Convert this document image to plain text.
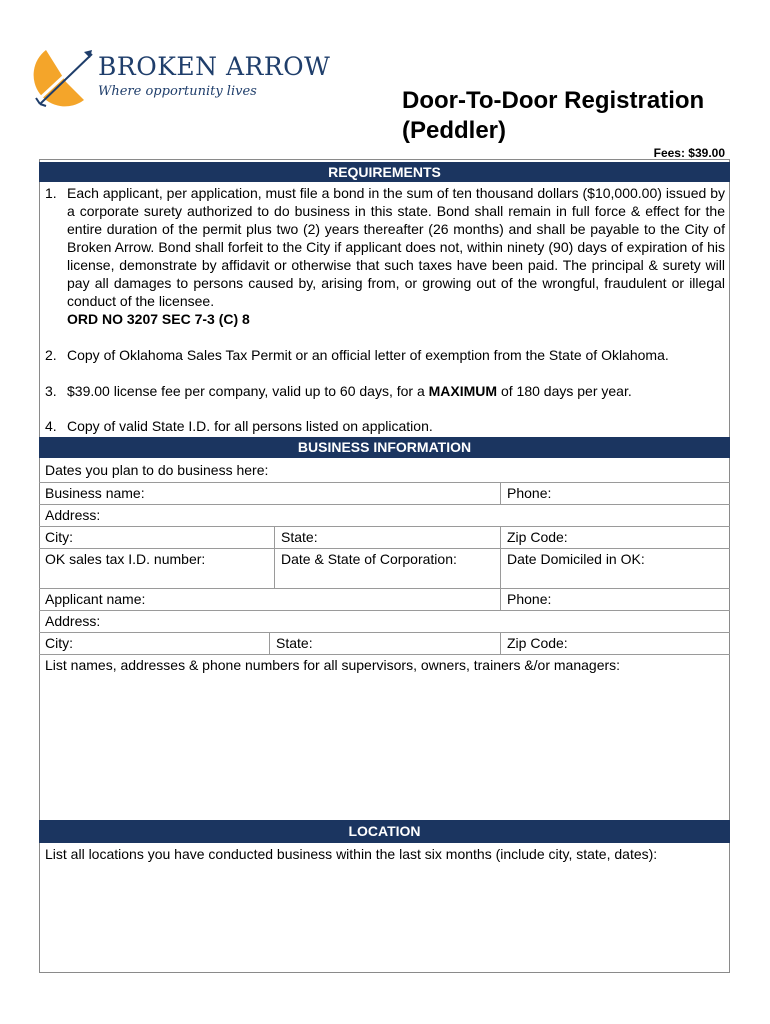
BROKEN ARROW
Where opportunity lives	Door-To-Door Registration
(Peddler)
Fees: $39.00
REQUIREMENTS
1. Each applicant, per application, must file a bond in the sum of ten thousand dollars ($10,000.00) issued by a corporate surety authorized to do business in this state. Bond shall remain in full force & effect for the entire duration of the permit plus two (2) years thereafter (26 months) and shall be payable to the City of Broken Arrow. Bond shall forfeit to the City if applicant does not, within ninety (90) days of expiration of his license, demonstrate by affidavit or otherwise that such taxes have been paid. The principal & surety will pay all damages to persons caused by, arising from, or growing out of the wrongful, fraudulent or illegal conduct of the licensee.
ORD NO 3207 SEC 7-3 (C) 8
2. Copy of Oklahoma Sales Tax Permit or an official letter of exemption from the State of Oklahoma.
3. $39.00 license fee per company, valid up to 60 days, for a MAXIMUM of 180 days per year.
4. Copy of valid State I.D. for all persons listed on application.
BUSINESS INFORMATION
Dates you plan to do business here:
Business name:	Phone:
Address:
City:	State:	Zip Code:
OK sales tax I.D. number:	Date & State of Corporation:	Date Domiciled in OK:
Applicant name:	Phone:
Address:
City:	State:	Zip Code:
List names, addresses & phone numbers for all supervisors, owners, trainers &/or managers:
LOCATION
List all locations you have conducted business within the last six months (include city, state, dates):
